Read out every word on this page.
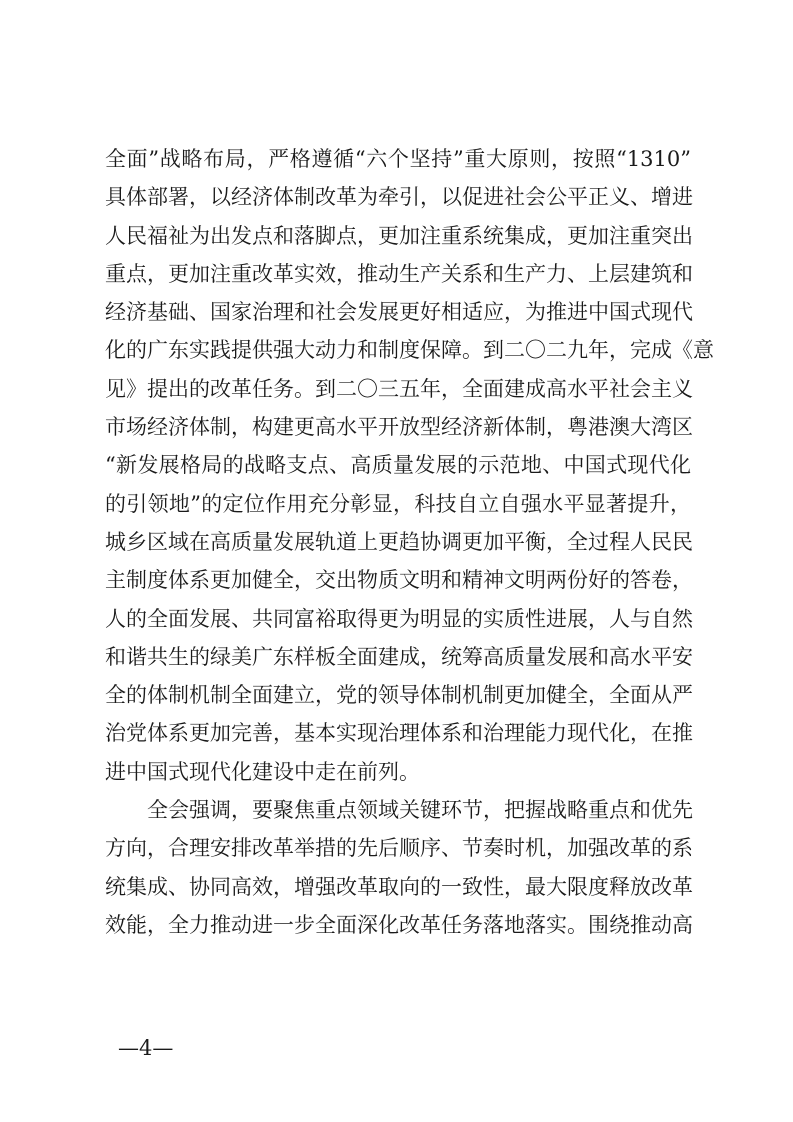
全面”战略布局，严格遵循“六个坚持”重大原则，按照“1310”
具体部署，以经济体制改革为牵引，以促进社会公平正义、增进
人民福祉为出发点和落脚点，更加注重系统集成，更加注重突出
重点，更加注重改革实效，推动生产关系和生产力、上层建筑和
经济基础、国家治理和社会发展更好相适应，为推进中国式现代
化的广东实践提供强大动力和制度保障。到二〇二九年，完成《意
见》提出的改革任务。到二〇三五年，全面建成高水平社会主义
市场经济体制，构建更高水平开放型经济新体制，粤港澳大湾区
“新发展格局的战略支点、高质量发展的示范地、中国式现代化
的引领地”的定位作用充分彰显，科技自立自强水平显著提升，
城乡区域在高质量发展轨道上更趋协调更加平衡，全过程人民民
主制度体系更加健全，交出物质文明和精神文明两份好的答卷，
人的全面发展、共同富裕取得更为明显的实质性进展，人与自然
和谐共生的绿美广东样板全面建成，统筹高质量发展和高水平安
全的体制机制全面建立，党的领导体制机制更加健全，全面从严
治党体系更加完善，基本实现治理体系和治理能力现代化，在推
进中国式现代化建设中走在前列。
全会强调，要聚焦重点领域关键环节，把握战略重点和优先
方向，合理安排改革举措的先后顺序、节奏时机，加强改革的系
统集成、协同高效，增强改革取向的一致性，最大限度释放改革
效能，全力推动进一步全面深化改革任务落地落实。围绕推动高
—4—
